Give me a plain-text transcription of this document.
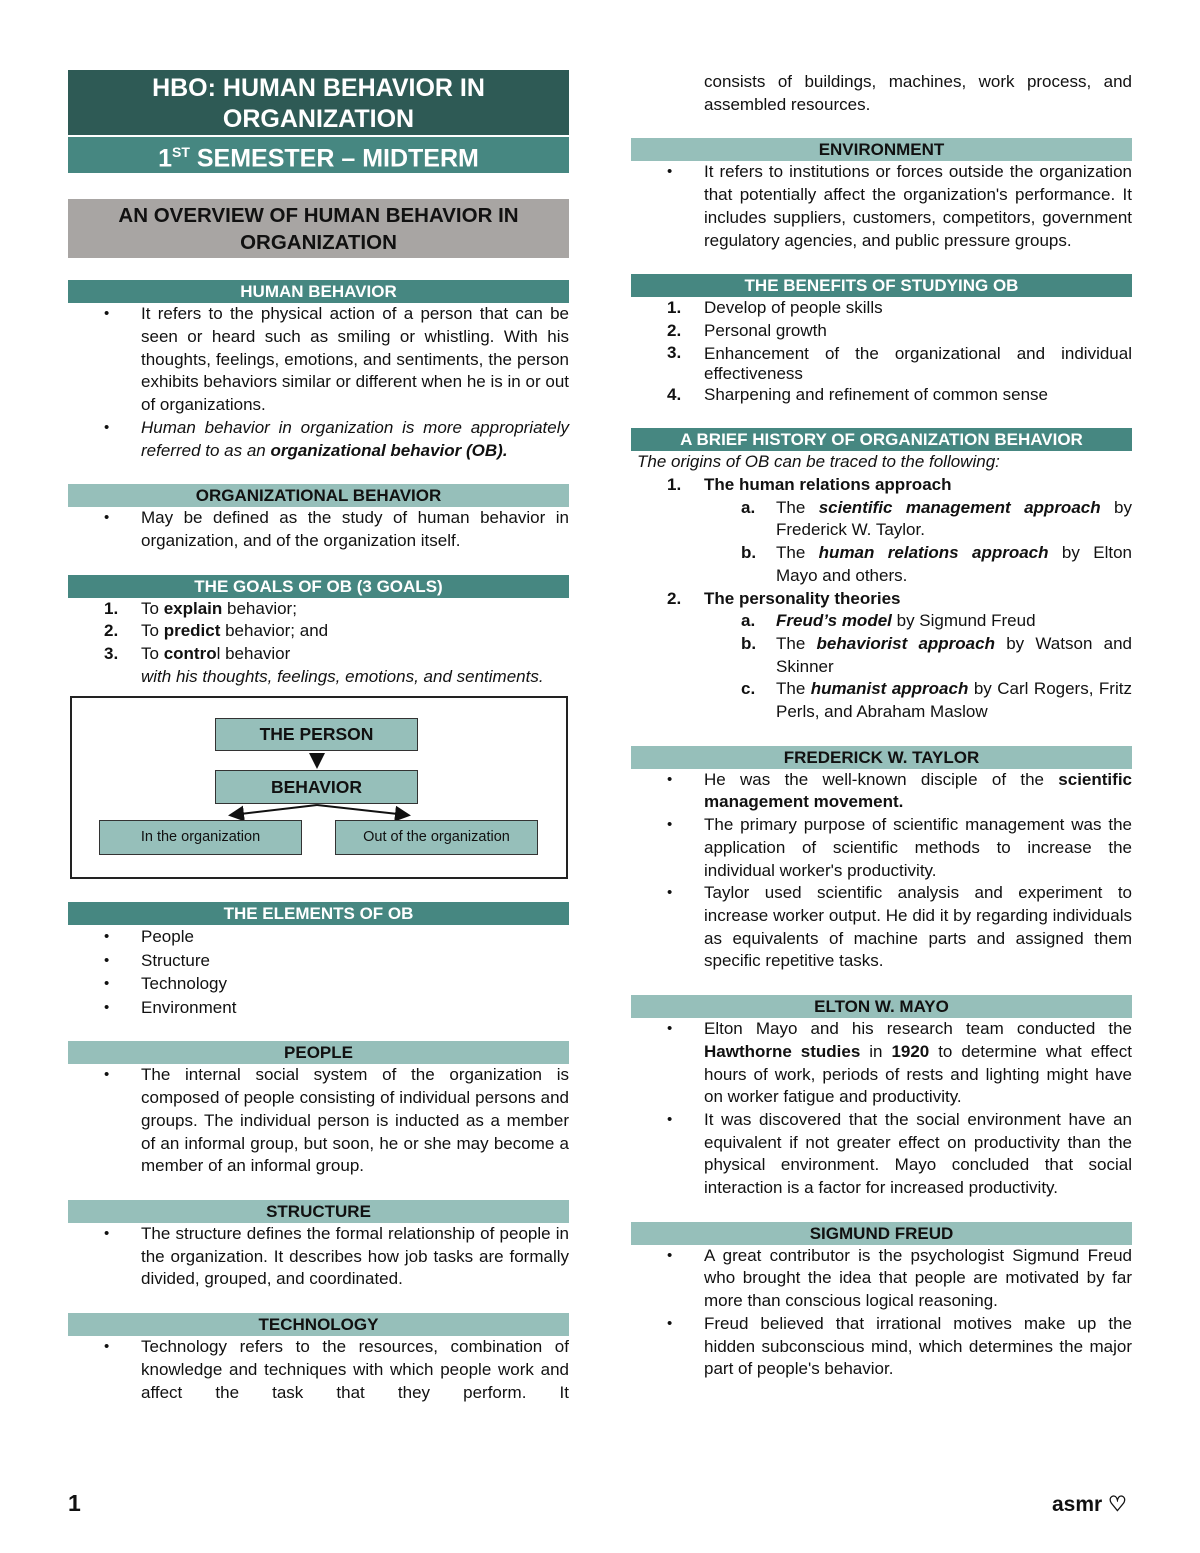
HBO: HUMAN BEHAVIOR IN
ORGANIZATION
1ST SEMESTER – MIDTERM
AN OVERVIEW OF HUMAN BEHAVIOR IN ORGANIZATION
HUMAN BEHAVIOR
• It refers to the physical action of a person that can be seen or heard such as smiling or whistling. With his thoughts, feelings, emotions, and sentiments, the person exhibits behaviors similar or different when he is in or out of organizations.
• Human behavior in organization is more appropriately referred to as an organizational behavior (OB).
ORGANIZATIONAL BEHAVIOR
• May be defined as the study of human behavior in organization, and of the organization itself.
THE GOALS OF OB (3 GOALS)
1. To explain behavior;
2. To predict behavior; and
3. To control behavior
with his thoughts, feelings, emotions, and sentiments.
THE PERSON
BEHAVIOR
In the organization	Out of the organization
THE ELEMENTS OF OB
• People
• Structure
• Technology
• Environment
PEOPLE
• The internal social system of the organization is composed of people consisting of individual persons and groups. The individual person is inducted as a member of an informal group, but soon, he or she may become a member of an informal group.
STRUCTURE
• The structure defines the formal relationship of people in the organization. It describes how job tasks are formally divided, grouped, and coordinated.
TECHNOLOGY
• Technology refers to the resources, combination of knowledge and techniques with which people work and affect the task that they perform. It
consists of buildings, machines, work process, and assembled resources.
ENVIRONMENT
• It refers to institutions or forces outside the organization that potentially affect the organization's performance. It includes suppliers, customers, competitors, government regulatory agencies, and public pressure groups.
THE BENEFITS OF STUDYING OB
1. Develop of people skills
2. Personal growth
3. Enhancement of the organizational and individual effectiveness
4. Sharpening and refinement of common sense
A BRIEF HISTORY OF ORGANIZATION BEHAVIOR
The origins of OB can be traced to the following:
1. The human relations approach
a. The scientific management approach by Frederick W. Taylor.
b. The human relations approach by Elton Mayo and others.
2. The personality theories
a. Freud’s model by Sigmund Freud
b. The behaviorist approach by Watson and Skinner
c. The humanist approach by Carl Rogers, Fritz Perls, and Abraham Maslow
FREDERICK W. TAYLOR
• He was the well-known disciple of the scientific management movement.
• The primary purpose of scientific management was the application of scientific methods to increase the individual worker's productivity.
• Taylor used scientific analysis and experiment to increase worker output. He did it by regarding individuals as equivalents of machine parts and assigned them specific repetitive tasks.
ELTON W. MAYO
• Elton Mayo and his research team conducted the Hawthorne studies in 1920 to determine what effect hours of work, periods of rests and lighting might have on worker fatigue and productivity.
• It was discovered that the social environment have an equivalent if not greater effect on productivity than the physical environment. Mayo concluded that social interaction is a factor for increased productivity.
SIGMUND FREUD
• A great contributor is the psychologist Sigmund Freud who brought the idea that people are motivated by far more than conscious logical reasoning.
• Freud believed that irrational motives make up the hidden subconscious mind, which determines the major part of people's behavior.
1	asmr ♡
